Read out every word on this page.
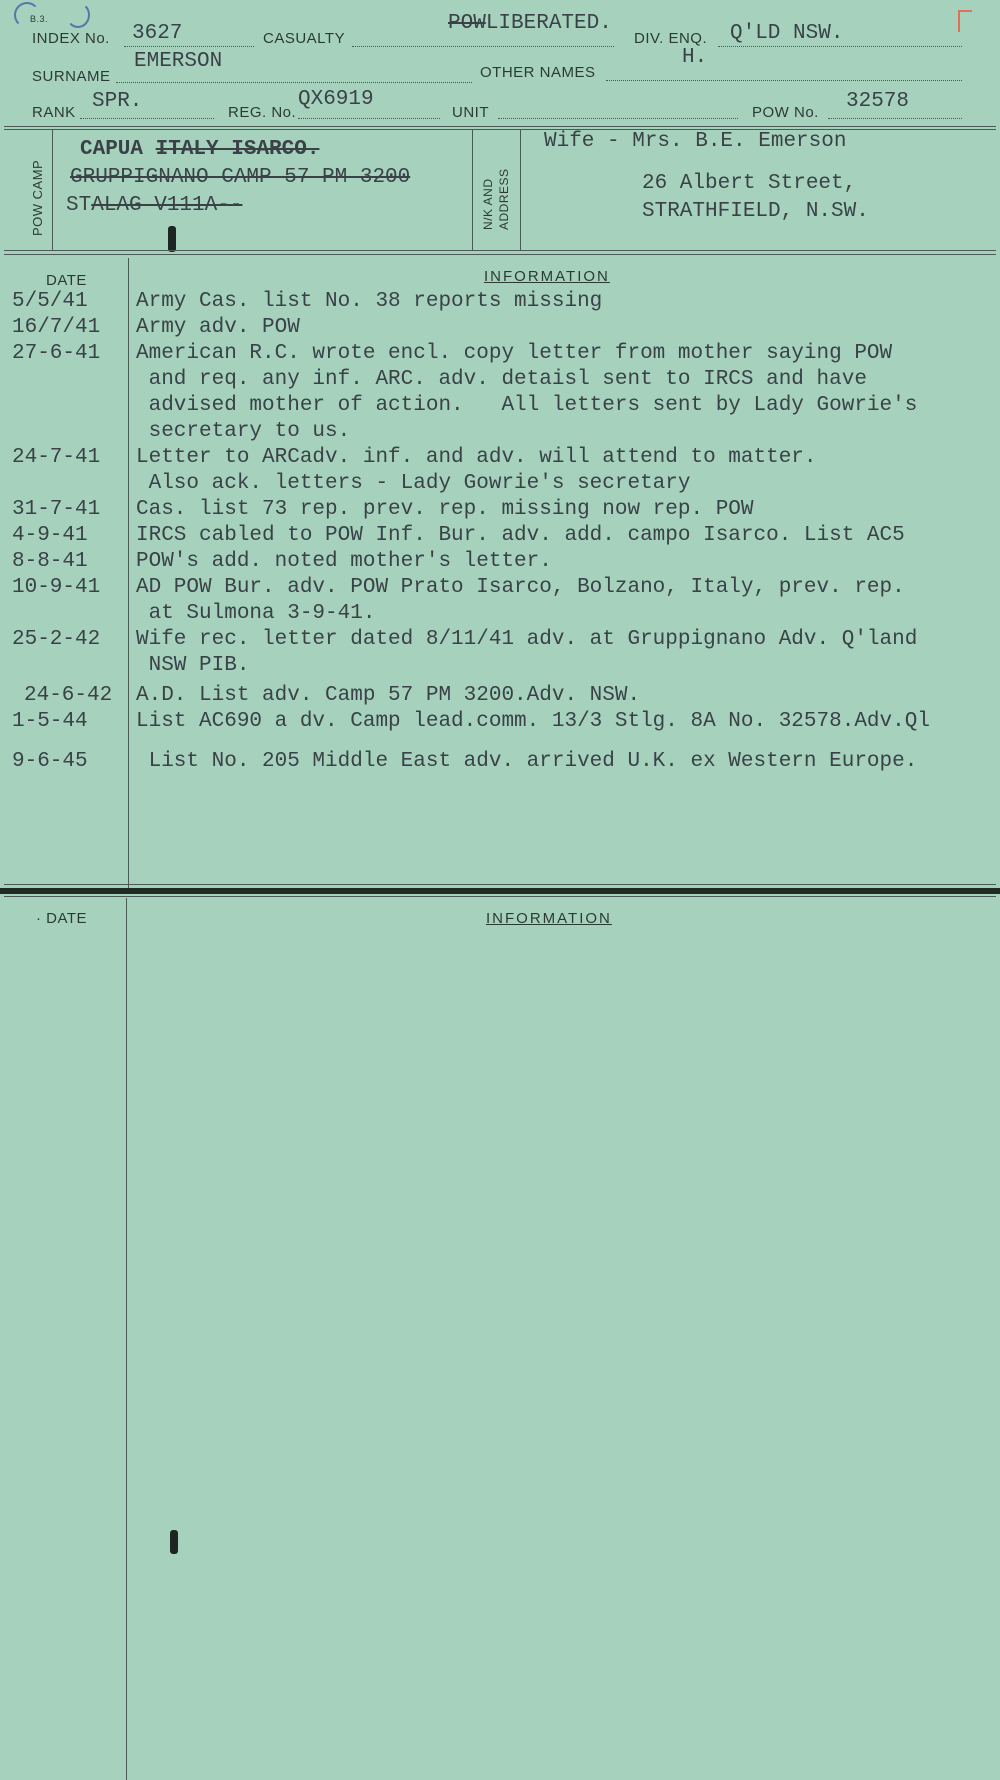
B.3.
INDEX No. 3627	CASUALTY
POWLIBERATED.
DIV. ENQ. Q'LD NSW.
SURNAME
EMERSON	OTHER NAMES
H.
RANK SPR.	REG. No.
QX6919
UNIT	POW No. 32578
POW CAMP
CAPUA ITALY ISARCO.
GRUPPIGNANO CAMP 57 PM 3200
STALAG V111A--	N/K AND ADDRESS
Wife - Mrs. B.E. Emerson
26 Albert Street,
STRATHFIELD, N.SW.
DATE	INFORMATION
5/5/41 Army Cas. list No. 38 reports missing
16/7/41 Army adv. POW
27-6-41 American R.C. wrote encl. copy letter from mother saying POW
and req. any inf. ARC. adv. detaisl sent to IRCS and have
advised mother of action.   All letters sent by Lady Gowrie's
secretary to us.
24-7-41 Letter to ARCadv. inf. and adv. will attend to matter.
Also ack. letters - Lady Gowrie's secretary
31-7-41 Cas. list 73 rep. prev. rep. missing now rep. POW
4-9-41 IRCS cabled to POW Inf. Bur. adv. add. campo Isarco. List AC5
8-8-41 POW's add. noted mother's letter.
10-9-41 AD POW Bur. adv. POW Prato Isarco, Bolzano, Italy, prev. rep.
at Sulmona 3-9-41.
25-2-42 Wife rec. letter dated 8/11/41 adv. at Gruppignano Adv. Q'land
NSW PIB.
24-6-42 A.D. List adv. Camp 57 PM 3200.Adv. NSW.
1-5-44 List AC690 a dv. Camp lead.comm. 13/3 Stlg. 8A No. 32578.Adv.Ql
9-6-45 List No. 205 Middle East adv. arrived U.K. ex Western Europe.
· DATE	INFORMATION
